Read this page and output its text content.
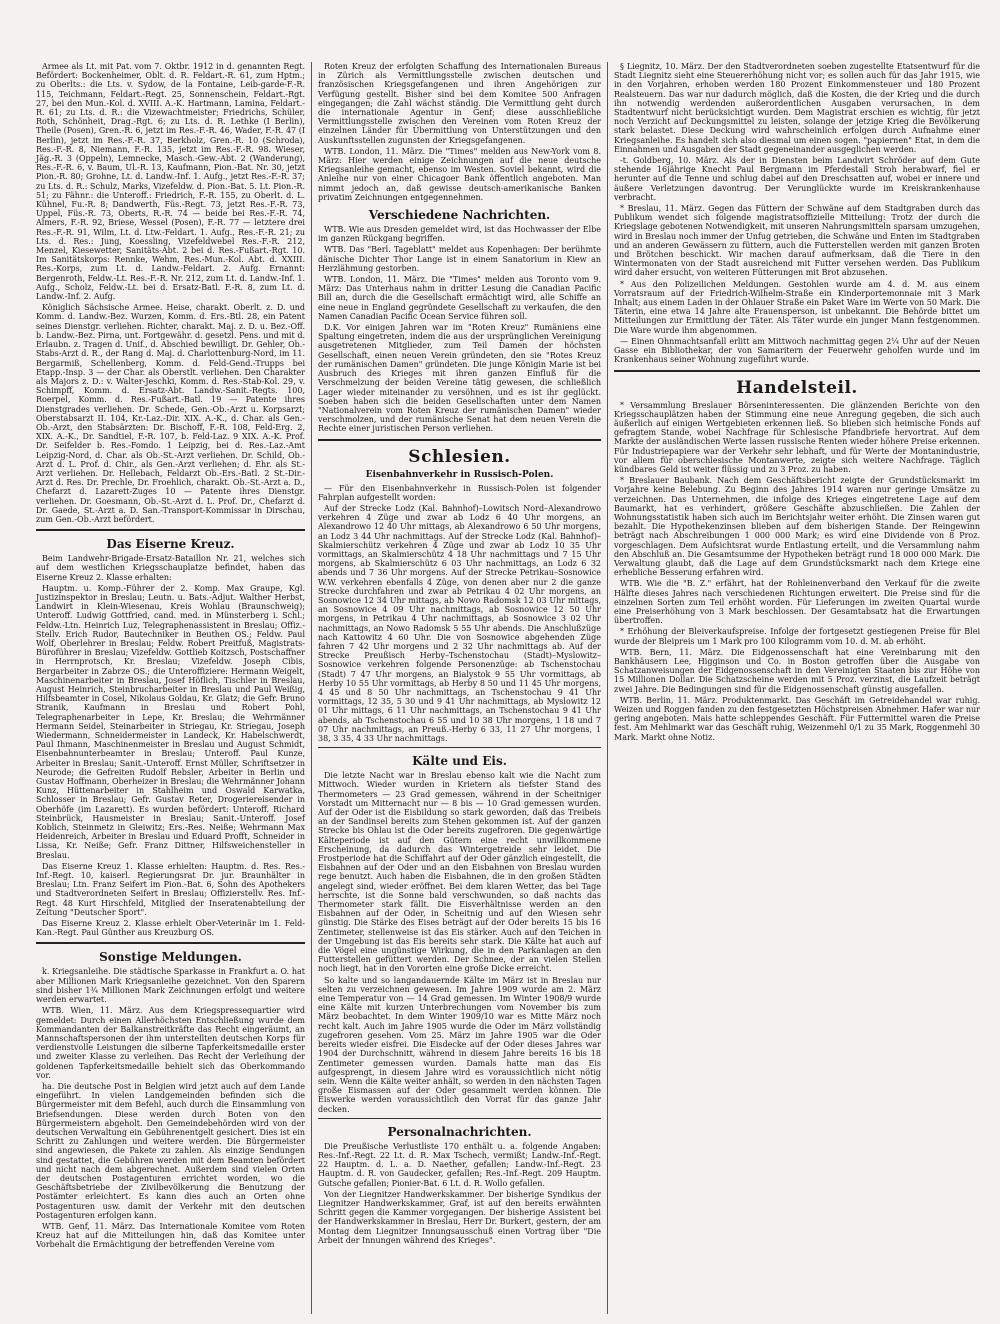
Armee als Lt. mit Pat. vom 7. Oktbr. 1912 in d. genannten Regt. Befördert: Bockenheimer, Oblt. d. R. Feldart.-R. 61, zum Hptm.; zu Oberlts.: die Lts. v. Sydow, de la Fontaine, Leib-garde-F.-R. 115, Teichmann, Feldart.-Regt. 25, Sonnenschein, Feldart.-Rgt. 27, bei den Mun.-Kol. d. XVIII. A.-K. Hartmann, Lamina, Feldart.-R. 61; zu Lts. d. R.: die Vizewachtmeister; Friedrichs, Schüler, Roth, Schönheit, Drag.-Rgt. 6; zu Lts. d. R. Lethke (I Berlin), Theile (Posen), Gren.-R. 6, jetzt im Res.-F.-R. 46, Wader, F.-R. 47 (I Berlin), jetzt im Res.-F.-R. 37, Berkholz, Gren.-R. 10 (Schroda), Res.-F.-R. 8, Niemann, F.-R. 135, jetzt im Res.-F.-R. 98. Wieser, Jäg.-R. 3 (Oppeln), Lemnecke, Masch.-Gew.-Abt. 2 (Wanderung), Res.-F.-R. 6, v. Baum, Ul.-R. 13, Kaufmann, Pion.-Bat. Nr. 30, jetzt Pion.-R. 80; Grohne, Lt. d. Landw.-Inf. 1. Aufg., jetzt Res.-F.-R. 37; zu Lts. d. R.: Schulz, Marks, Vizefeldw. d. Pion.-Bat. 5. Lt. Pion.-R. 51; zu Fähnr.: die Unteroff.: Friedrich, F.-R. 155, zu Oberlt. d. L. Kühnel, Fu.-R. 8; Dandwerth, Füs.-Regt. 73, jetzt Res.-F.-R. 73, Uppel, Füs.-R. 73, Oberts, R.-R. 74 — beide bei Res.-F.-R. 74, Almers, F.-R. 92, Briese, Wessel (Posen), F.-R. 77 — letztere drei Res.-F.-R. 91, Wilm, Lt. d. Ltw.-Feldart. 1. Aufg., Res.-F.-R. 21; zu Lts. d. Res.: Jung, Koessling, Vizefeldwebel Res.-F.-R. 212, Menzel, Kiesewetter, Sanitäts-Abt. 2 bei d. Res.-Fußart.-Rgt. 10. Im Sanitätskorps: Rennke, Wehm, Res.-Mun.-Kol. Abt. d. XXIII. Res.-Korps, zum Lt. d. Landw.-Feldart. 2. Aufg. Ernannt: Bergenroth, Feldw.-Lt. Res.-F.-R. Nr. 212, zum Lt. d. Landw.-Inf. 1. Aufg., Scholz, Feldw.-Lt. bei d. Ersatz-Batl. F.-R. 8, zum Lt. d. Landw.-Inf. 2. Aufg.

Königlich Sächsische Armee. Heise, charakt. Oberlt. z. D. und Komm. d. Landw.-Bez. Wurzen, Komm. d. Ers.-Btl. 28, ein Patent seines Dienstgr. verliehen. Richter, charakt. Maj. z. D. u. Bez.-Off. b. Landw.-Bez. Pirna, unt. Fortgewähr. d. gesetzl. Pens. und mit d. Erlaubn. z. Tragen d. Unif., d. Abschied bewilligt. Dr. Gehler, Ob.-Stabs-Arzt d. R., der Rang d. Maj. d. Charlottenburg-Nord, im 11. Bergarmiß, Schellenberg, Komm. d. Feld-Gend.-Trupps bei Etapp.-Insp. 3 — der Char. als Oberstlt. verliehen. Den Charakter als Majors z. D.: v. Walter-Jeschki, Komm. d. Res.-Stab-Kol. 29, v. Schimpff, Komm. d. Ersatz-Abt. Landw.-Sanit.-Regts. 100, Roerpel, Komm. d. Res.-Fußart.-Batl. 19 — Patente ihres Dienstgrades verliehen. Dr. Schede, Gen.-Ob.-Arzt u. Korpsarzt; Oberstabsarzt II. 104, Kr.-Laz.-Dir. XIX. A.-K., d. Char. als Gen.-Ob.-Arzt, den Stabsärzten: Dr. Bischoff, F.-R. 108, Feld-Erg. 2, XIX. A.-K., Dr. Sandtiel, F.-R. 107, b. Feld-Laz. 9 XIX. A.-K. Prof. Dr. Seifelder b. Res.-Fomdo. 1 Leipzig, bei d. Res.-Laz.-Amt Leipzig-Nord, d. Char. als Ob.-St.-Arzt verliehen. Dr. Schild, Ob.-Arzt d. L. Prof. d. Chir., als Gen.-Arzt verliehen; d. Ehr. als St.-Arzt verliehen. Dr. Hellebach, Feldarzt Ob.-Ers.-Batl. 2 St.-Dir.-Arzt d. Res. Dr. Prechle, Dr. Froehlich, charakt. Ob.-St.-Arzt a. D., Chefarzt d. Lazarett-Zuges 10 — Patente ihres Dienstgr. verliehen. Dr. Goesmann, Ob.-St.-Arzt d. L. Prof. Dr., Chefarzt d. Dr. Gaede, St.-Arzt a. D. San.-Transport-Kommissar in Dirschau, zum Gen.-Ob.-Arzt befördert.

Das Eiserne Kreuz.

Beim Landwehr-Brigade-Ersatz-Bataillon Nr. 21, welches sich auf dem westlichen Kriegsschauplatze befindet, haben das Eiserne Kreuz 2. Klasse erhalten:

Hauptm. u. Komp.-Führer der 2. Komp. Max Graupe, Kgl. Justizinspektor in Breslau; Leutn. u. Bats.-Adjut. Walther Herbst, Landwirt in Klein-Wiesenau, Kreis Wohlau (Braunschweig); Unteroff. Ludwig Gottfried, cand. med. in Münsterberg i. Schl.; Feldw.-Ltn. Heinrich Luz, Telegraphenassistent in Breslau; Offiz.-Stellv. Erich Rudor, Bautechniker in Beuthen OS.; Feldw. Paul Wolf, Oberlehrer in Breslau; Feldw. Robert Preitfuß, Magistrats-Büroführer in Breslau; Vizefeldw. Gottlieb Koitzsch, Postschaffner in Herrnprotsch, Kr. Breslau; Vizefeldw. Joseph Cibis, Bergarbeiter in Zabrze OS.; die Unteroffiziere: Hermann Weigelt, Maschinenarbeiter in Breslau, Josef Höflich, Tischler in Breslau, August Heinrich, Steinbrucharbeiter in Breslau und Paul Weißig, Hilfsbeamter in Cosel, Nikolaus Goldau, Kr. Glatz; die Gefr. Bruno Stranik, Kaufmann in Breslau und Robert Pohl, Telegraphenarbeiter in Lepe, Kr. Breslau; die Wehrmänner Hermann Seidel, Steinarbeiter in Striegau, Kr. Striegau, Joseph Wiedermann, Schneidermeister in Landeck, Kr. Habelschwerdt, Paul Ihmann, Maschinenmeister in Breslau und August Schmidt, Eisenbahnunterbeamter in Breslau; Unteroff. Paul Kunze, Arbeiter in Breslau; Sanit.-Unteroff. Ernst Müller, Schriftsetzer in Neurode; die Gefreiten Rudolf Rebsler, Arbeiter in Berlin und Gustav Hoffmann, Oberheizer in Breslau; die Wehrmänner Johann Kunz, Hüttenarbeiter in Stahlheim und Oswald Karwatka, Schlosser in Breslau; Gefr. Gustav Reter, Drogeriereisender in Oberhöfe (im Lazarett). Es wurden befördert: Unteroff. Richard Steinbrück, Hausmeister in Breslau; Sanit.-Unteroff. Josef Koblich, Steinmetz in Gleiwitz; Ers.-Res. Neiße; Wehrmann Max Heidenreich, Arbeiter in Breslau und Eduard Profft, Schneider in Lissa, Kr. Neiße; Gefr. Franz Dittner, Hilfsweichensteller in Breslau.

Das Eiserne Kreuz 1. Klasse erhielten: Hauptm. d. Res. Res.-Inf.-Regt. 10, kaiserl. Regierungsrat Dr. jur. Braunhälter in Breslau; Ltn. Franz Seifert im Pion.-Bat. 6, Sohn des Apothekers und Stadtverordneten Seifert in Breslau; Offizierstellv. Res. Inf.-Regt. 48 Kurt Hirschfeld, Mitglied der Inseratenabteilung der Zeitung "Deutscher Sport".

Das Eiserne Kreuz 2. Klasse erhielt Ober-Veterinär im 1. Feld-Kan.-Regt. Paul Günther aus Kreuzburg OS.

Sonstige Meldungen.

k. Kriegsanleihe. Die städtische Sparkasse in Frankfurt a. O. hat aber Millionen Mark Kriegsanleihe gezeichnet. Von den Sparern sind bisher 1¾ Millionen Mark Zeichnungen erfolgt und weitere werden erwartet.

WTB. Wien, 11. März. Aus dem Kriegspressequartier wird gemeldet: Durch einen Allerhöchsten Entschließung wurde dem Kommandanten der Balkanstreitkräfte das Recht eingeräumt, an Mannschaftspersonen der ihm unterstellten deutschen Korps für verdienstvolle Leistungen die silberne Tapferkeitsmedaille erster und zweiter Klasse zu verleihen. Das Recht der Verleihung der goldenen Tapferkeitsmedaille behielt sich das Oberkommando vor.

ha. Die deutsche Post in Belgien wird jetzt auch auf dem Lande eingeführt. In vielen Landgemeinden befinden sich die Bürgermeister mit dem Befehl, auch durch die Einsammlung von Briefsendungen. Diese werden durch Boten von den Bürgermeistern abgeholt. Den Gemeindebehörden wird von der deutschen Verwaltung ein Gebührenentgelt gesichert. Dies ist ein Schritt zu Zahlungen und weitere werden. Die Bürgermeister sind angewiesen, die Pakete zu zahlen. Als einzige Sendungen sind gestattet, die Gebühren werden mit dem Beamten befördert und nicht nach dem abgerechnet. Außerdem sind vielen Orten der deutschen Postagenturen errichtet worden, wo die Geschäftsbetriebe der Zivilbevölkerung die Benutzung der Postämter erleichtert. Es kann dies auch an Orten ohne Postagenturen usw. damit der Verkehr mit den deutschen Postagenturen erfolgen kann.

WTB. Genf, 11. März. Das Internationale Komitee vom Roten Kreuz hat auf die Mitteilungen hin, daß das Komitee unter Vorbehalt die Ermächtigung der betreffenden Vereine vom

Roten Kreuz der erfolgten Schaffung des Internationalen Bureaus in Zürich als Vermittlungsstelle zwischen deutschen und französischen Kriegsgefangenen und ihren Angehörigen zur Verfügung gestellt. Bisher sind bei dem Komitee 500 Anfragen eingegangen; die Zahl wächst ständig. Die Vermittlung geht durch die internationale Agentur in Genf; diese ausschließliche Vermittlungsstelle zwischen den Vereinen vom Roten Kreuz der einzelnen Länder für Übermittlung von Unterstützungen und den Auskunftsstellen zugunsten der Kriegsgefangenen.

WTB. London, 11. März. Die "Times" melden aus New-York vom 8. März: Hier werden einige Zeichnungen auf die neue deutsche Kriegsanleihe gemacht, ebenso im Westen. Soviel bekannt, wird die Anleihe nur von einer Chicagoer Bank öffentlich angeboten. Man nimmt jedoch an, daß gewisse deutsch-amerikanische Banken privatim Zeichnungen entgegennehmen.

Verschiedene Nachrichten.

WTB. Wie aus Dresden gemeldet wird, ist das Hochwasser der Elbe im ganzen Rückgang begriffen.

WTB. Das "Berl. Tageblatt" meldet aus Kopenhagen: Der berühmte dänische Dichter Thor Lange ist in einem Sanatorium in Kiew an Herzlähmung gestorben.

WTB. London, 11. März. Die "Times" melden aus Toronto vom 9. März: Das Unterhaus nahm in dritter Lesung die Canadian Pacific Bill an, durch die die Gesellschaft ermächtigt wird, alle Schiffe an eine neue in England gegründete Gesellschaft zu verkaufen, die den Namen Canadian Pacific Ocean Service führen soll.

D.K. Vor einigen Jahren war im "Roten Kreuz" Rumäniens eine Spaltung eingetreten, indem die aus der ursprünglichen Vereinigung ausgetretenen Mitglieder, zum Teil Damen der höchsten Gesellschaft, einen neuen Verein gründeten, den sie "Rotes Kreuz der rumänischen Damen" gründeten. Die junge Königin Marie ist bei Ausbruch des Krieges mit ihren ganzen Einfluß für die Verschmelzung der beiden Vereine tätig gewesen, die schließlich Lager wieder miteinander zu versöhnen, und es ist ihr geglückt. Soeben haben sich die beiden Gesellschaften unter dem Namen "Nationalverein vom Roten Kreuz der rumänischen Damen" wieder verschmolzen, und der rumänische Senat hat dem neuen Verein die Rechte einer juristischen Person verliehen.

Schlesien.
Eisenbahnverkehr in Russisch-Polen.

— Für den Eisenbahnverkehr in Russisch-Polen ist folgender Fahrplan aufgestellt worden:

Auf der Strecke Lodz (Kal. Bahnhof)–Lowitsch Nord–Alexandrowo verkehren 4 Züge und zwar ab Lodz 6 40 Uhr morgens, an Alexandrowo 12 40 Uhr mittags, ab Alexandrowo 6 50 Uhr morgens, an Lodz 3 44 Uhr nachmittags. Auf der Strecke Lodz (Kal. Bahnhof)–Skalmierschütz verkehren 4 Züge und zwar ab Lodz 10 35 Uhr vormittags, an Skalmierschütz 4 18 Uhr nachmittags und 7 15 Uhr morgens, ab Skalmierschütz 6 03 Uhr nachmittags, an Lodz 6 32 abends und 7 36 Uhr morgens. Auf der Strecke Petrikau–Sosnowice W.W. verkehren ebenfalls 4 Züge, von denen aber nur 2 die ganze Strecke durchfahren und zwar ab Petrikau 4 02 Uhr morgens, an Sosnowice 12 34 Uhr mittags, ab Nowo Radomsk 12 03 Uhr mittags, an Sosnowice 4 09 Uhr nachmittags, ab Sosnowice 12 50 Uhr morgens, in Petrikau 4 Uhr nachmittags, ab Sosnowice 3 02 Uhr nachmittags, an Nowo Radomsk 5 55 Uhr abends. Die Anschlußzüge nach Kattowitz 4 60 Uhr. Die von Sosnowice abgehenden Züge fahren 7 42 Uhr morgens und 2 32 Uhr nachmittags ab. Auf der Strecke Preußisch Herby–Tschenstochau (Stadt)–Myslowitz–Sosnowice verkehren folgende Personenzüge: ab Tschenstochau (Stadt) 7 47 Uhr morgens, an Bialystok 9 55 Uhr vormittags, ab Herby 10 55 Uhr vormittags, ab Herby 8 50 und 11 45 Uhr morgens, 4 45 und 8 50 Uhr nachmittags, an Tschenstochau 9 41 Uhr vormittags, 12 35, 5 30 und 9 41 Uhr nachmittags, ab Myslowitz 12 01 Uhr mittags, 6 11 Uhr nachmittags, an Tschenstochau 9 41 Uhr abends, ab Tschenstochau 6 55 und 10 38 Uhr morgens, 1 18 und 7 07 Uhr nachmittags, an Preuß.-Herby 6 33, 11 27 Uhr morgens, 1 38, 3 35, 4 33 Uhr nachmittags.

Kälte und Eis.

Die letzte Nacht war in Breslau ebenso kalt wie die Nacht zum Mittwoch. Wieder wurden in Krietern als tiefster Stand des Thermometers — 23 Grad gemessen, während in der Scheitniger Vorstadt um Mitternacht nur — 8 bis — 10 Grad gemessen wurden. Auf der Oder ist die Eisbildung so stark geworden, daß das Treibeis an der Sandinsel bereits zum Stehen gekommen ist. Auf der ganzen Strecke bis Ohlau ist die Oder bereits zugefroren. Die gegenwärtige Kälteperiode ist auf den Gütern eine recht unwillkommene Erscheinung, da dadurch das Wintergetreide sehr leidet. Die Frostperiode hat die Schiffahrt auf der Oder gänzlich eingestellt, die Eisbahnen auf der Oder und an den Eisbahnen von Breslau wurden rege benutzt. Auch haben die Eisbahnen, die in den großen Städten angelegt sind, wieder eröffnet. Bei dem klaren Wetter, das bei Tage herrschte, ist die Sonne bald verschwunden, so daß nachts das Thermometer stark fällt. Die Eisverhältnisse werden an den Eisbahnen auf der Oder, in Scheitnig und auf den Wiesen sehr günstig. Die Stärke des Eises beträgt auf der Oder bereits 15 bis 16 Zentimeter, stellenweise ist das Eis stärker. Auch auf den Teichen in der Umgebung ist das Eis bereits sehr stark. Die Kälte hat auch auf die Vögel eine ungünstige Wirkung, die in den Parkanlagen an den Futterstellen gefüttert werden. Der Schnee, der an vielen Stellen noch liegt, hat in den Vororten eine große Dicke erreicht.

So kalte und so langandauernde Kälte im März ist in Breslau nur selten zu verzeichnen gewesen. Im Jahre 1909 wurde am 2. März eine Temperatur von — 14 Grad gemessen. Im Winter 1908/9 wurde eine Kälte mit kurzen Unterbrechungen vom November bis zum März beobachtet. In dem Winter 1909/10 war es Mitte März noch recht kalt. Auch im Jahre 1905 wurde die Oder im März vollständig zugefroren gesehen. Vom 25. März im Jahre 1905 war die Oder bereits wieder eisfrei. Die Eisdecke auf der Oder dieses Jahres war 1904 der Durchschnitt, während in diesem Jahre bereits 16 bis 18 Zentimeter gemessen wurden. Damals hatte man das Eis aufgesprengt, in diesem Jahre wird es voraussichtlich nicht nötig sein. Wenn die Kälte weiter anhält, so werden in den nächsten Tagen große Eismassen auf der Oder gesammelt werden können. Die Eiswerke werden voraussichtlich den Vorrat für das ganze Jahr decken.

Personalnachrichten.

Die Preußische Verlustliste 170 enthält u. a. folgende Angaben: Res.-Inf.-Regt. 22 Lt. d. R. Max Tschech, vermißt; Landw.-Inf.-Regt. 22 Hauptm. d. L. a. D. Naether, gefallen; Landw.-Inf.-Regt. 23 Hauptm. d. R. von Gaudecker, gefallen; Res.-Inf.-Regt. 209 Hauptm. Gutsche gefallen; Pionier-Bat. 6 Lt. d. R. Wollo gefallen.

Von der Liegnitzer Handwerkskammer. Der bisherige Syndikus der Liegnitzer Handwerkskammer, Graf, ist auf den bereits erwähnten Schritt gegen die Kammer vorgegangen. Der bisherige Assistent bei der Handwerkskammer in Breslau, Herr Dr. Burkert, gestern, der am Montag dem Liegnitzer Innungsausschuß einen Vortrag über "Die Arbeit der Innungen während des Krieges".

§ Liegnitz, 10. März. Der den Stadtverordneten soeben zugestellte Etatsentwurf für die Stadt Liegnitz sieht eine Steuererhöhung nicht vor; es sollen auch für das Jahr 1915, wie in den Vorjahren, erhoben werden 180 Prozent Einkommensteuer und 180 Prozent Realsteuern. Das war nur dadurch möglich, daß die Kosten, die der Krieg und die durch ihn notwendig werdenden außerordentlichen Ausgaben verursachen, in dem Stadtentwurf nicht berücksichtigt wurden. Dem Magistrat erschien es wichtig, für jetzt noch Verzicht auf Deckungsmittel zu leisten, solange der jetzige Krieg die Bevölkerung stark belastet. Diese Deckung wird wahrscheinlich erfolgen durch Aufnahme einer Kriegsanleihe. Es handelt sich also diesmal um einen sogen. "papiernen" Etat, in dem die Einnahmen und Ausgaben der Stadt gegeneinander ausgeglichen werden.

-t. Goldberg, 10. März. Als der in Diensten beim Landwirt Schröder auf dem Gute stehende 16jährige Knecht Paul Bergmann im Pferdestall Stroh herabwarf, fiel er herunter auf die Tenne und schlug dabei auf den Dreschsatten auf, wobei er innere und äußere Verletzungen davontrug. Der Verunglückte wurde im Kreiskrankenhause verbracht.

* Breslau, 11. März. Gegen das Füttern der Schwäne auf dem Stadtgraben durch das Publikum wendet sich folgende magistratsoffizielle Mitteilung: Trotz der durch die Kriegslage gebotenen Notwendigkeit, mit unseren Nahrungsmitteln sparsam umzugehen, wird in Breslau noch immer der Unfug getrieben, die Schwäne und Enten im Stadtgraben und an anderen Gewässern zu füttern, auch die Futterstellen werden mit ganzen Broten und Brötchen beschickt. Wir machen darauf aufmerksam, daß die Tiere in den Wintermonaten von der Stadt ausreichend mit Futter versehen werden. Das Publikum wird daher ersucht, von weiteren Fütterungen mit Brot abzusehen.

* Aus den Polizeilichen Meldungen. Gestohlen wurde am 4. d. M. aus einem Vorratsraum auf der Friedrich-Wilhelm-Straße ein Kinderportemonnaie mit 3 Mark Inhalt; aus einem Laden in der Ohlauer Straße ein Paket Ware im Werte von 50 Mark. Die Täterin, eine etwa 14 Jahre alte Frauensperson, ist unbekannt. Die Behörde bittet um Mitteilungen zur Ermittlung der Täter. Als Täter wurde ein junger Mann festgenommen. Die Ware wurde ihm abgenommen.

— Einen Ohnmachtsanfall erlitt am Mittwoch nachmittag gegen 2¼ Uhr auf der Neuen Gasse ein Bibliothekar, der von Samaritern der Feuerwehr geholfen wurde und im Krankenhaus seiner Wohnung zugeführt wurde.

Handelsteil.

* Versammlung Breslauer Börseninteressenten. Die glänzenden Berichte von den Kriegsschauplätzen haben der Stimmung eine neue Anregung gegeben, die sich auch äußerlich auf einigen Wertgebieten erkennen ließ. So blieben sich heimische Fonds auf gefragtem Stande, wobei Nachfrage für Schlesische Pfandbriefe hervortrat. Auf dem Markte der ausländischen Werte lassen russische Renten wieder höhere Preise erkennen. Für Industriepapiere war der Verkehr sehr lebhaft, und für Werte der Montanindustrie, vor allem für oberschlesische Montanwerte, zeigte sich weitere Nachfrage. Täglich kündbares Geld ist weiter flüssig und zu 3 Proz. zu haben.

* Breslauer Baubank. Nach dem Geschäftsbericht zeigte der Grundstücksmarkt im Vorjahre keine Belebung. Zu Beginn des Jahres 1914 waren nur geringe Umsätze zu verzeichnen. Das Unternehmen, die infolge des Krieges eingetretene Lage auf dem Baumarkt, hat es verhindert, größere Geschäfte abzuschließen. Die Zahlen der Wohnungsstatistik haben sich auch im Berichtsjahr weiter erhöht. Die Zinsen waren gut bezahlt. Die Hypothekenzinsen blieben auf dem bisherigen Stande. Der Reingewinn beträgt nach Abschreibungen 1 000 000 Mark; es wird eine Dividende von 8 Proz. vorgeschlagen. Dem Aufsichtsrat wurde Entlastung erteilt, und die Versammlung nahm den Abschluß an. Die Gesamtsumme der Hypotheken beträgt rund 18 000 000 Mark. Die Verwaltung glaubt, daß die Lage auf dem Grundstücksmarkt nach dem Kriege eine erhebliche Besserung erfahren wird.

WTB. Wie die "B. Z." erfährt, hat der Rohleinenverband den Verkauf für die zweite Hälfte dieses Jahres nach verschiedenen Richtungen erweitert. Die Preise sind für die einzelnen Sorten zum Teil erhöht worden. Für Lieferungen im zweiten Quartal wurde eine Preiserhöhung von 3 Mark beschlossen. Der Gesamtabsatz hat die Erwartungen übertroffen.

* Erhöhung der Bleiverkaufspreise. Infolge der fortgesetzt gestiegenen Preise für Blei wurde der Bleipreis um 1 Mark pro 100 Kilogramm vom 10. d. M. ab erhöht.

WTB. Bern, 11. März. Die Eidgenossenschaft hat eine Vereinbarung mit den Bankhäusern Lee, Higginson und Co. in Boston getroffen über die Ausgabe von Schatzanweisungen der Eidgenossenschaft in den Vereinigten Staaten bis zur Höhe von 15 Millionen Dollar. Die Schatzscheine werden mit 5 Proz. verzinst, die Laufzeit beträgt zwei Jahre. Die Bedingungen sind für die Eidgenossenschaft günstig ausgefallen.

WTB. Berlin, 11. März. Produktenmarkt. Das Geschäft im Getreidehandel war ruhig. Weizen und Roggen fanden zu den festgesetzten Höchstpreisen Abnehmer. Hafer war nur gering angeboten. Mais hatte schleppendes Geschäft. Für Futtermittel waren die Preise fest. Am Mehlmarkt war das Geschäft ruhig, Weizenmehl 0/1 zu 35 Mark, Roggenmehl 30 Mark. Markt ohne Notiz.
